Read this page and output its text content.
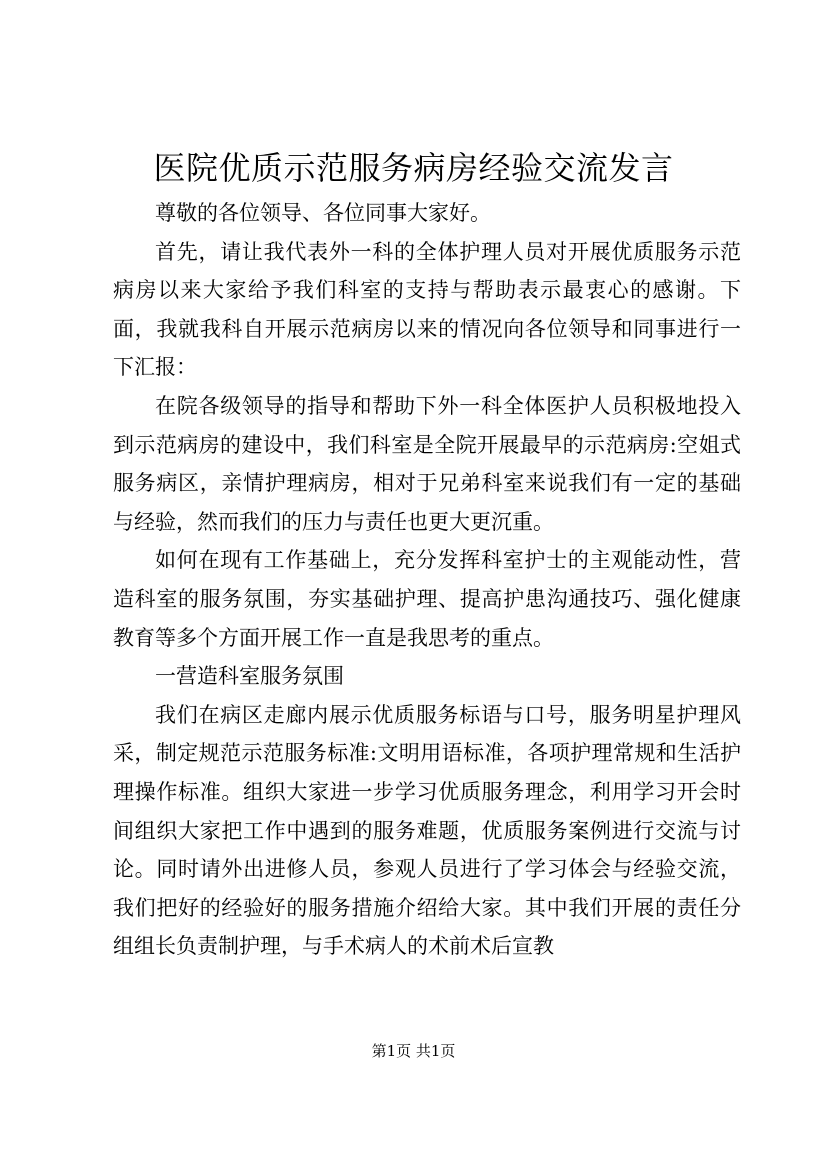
医院优质示范服务病房经验交流发言

尊敬的各位领导、各位同事大家好。

首先，请让我代表外一科的全体护理人员对开展优质服务示范病房以来大家给予我们科室的支持与帮助表示最衷心的感谢。下面，我就我科自开展示范病房以来的情况向各位领导和同事进行一下汇报：

在院各级领导的指导和帮助下外一科全体医护人员积极地投入到示范病房的建设中，我们科室是全院开展最早的示范病房:空姐式服务病区，亲情护理病房，相对于兄弟科室来说我们有一定的基础与经验，然而我们的压力与责任也更大更沉重。

如何在现有工作基础上，充分发挥科室护士的主观能动性，营造科室的服务氛围，夯实基础护理、提高护患沟通技巧、强化健康教育等多个方面开展工作一直是我思考的重点。

一营造科室服务氛围

我们在病区走廊内展示优质服务标语与口号，服务明星护理风采，制定规范示范服务标准:文明用语标准，各项护理常规和生活护理操作标准。组织大家进一步学习优质服务理念，利用学习开会时间组织大家把工作中遇到的服务难题，优质服务案例进行交流与讨论。同时请外出进修人员，参观人员进行了学习体会与经验交流，我们把好的经验好的服务措施介绍给大家。其中我们开展的责任分组组长负责制护理，与手术病人的术前术后宣教

第1页 共1页
